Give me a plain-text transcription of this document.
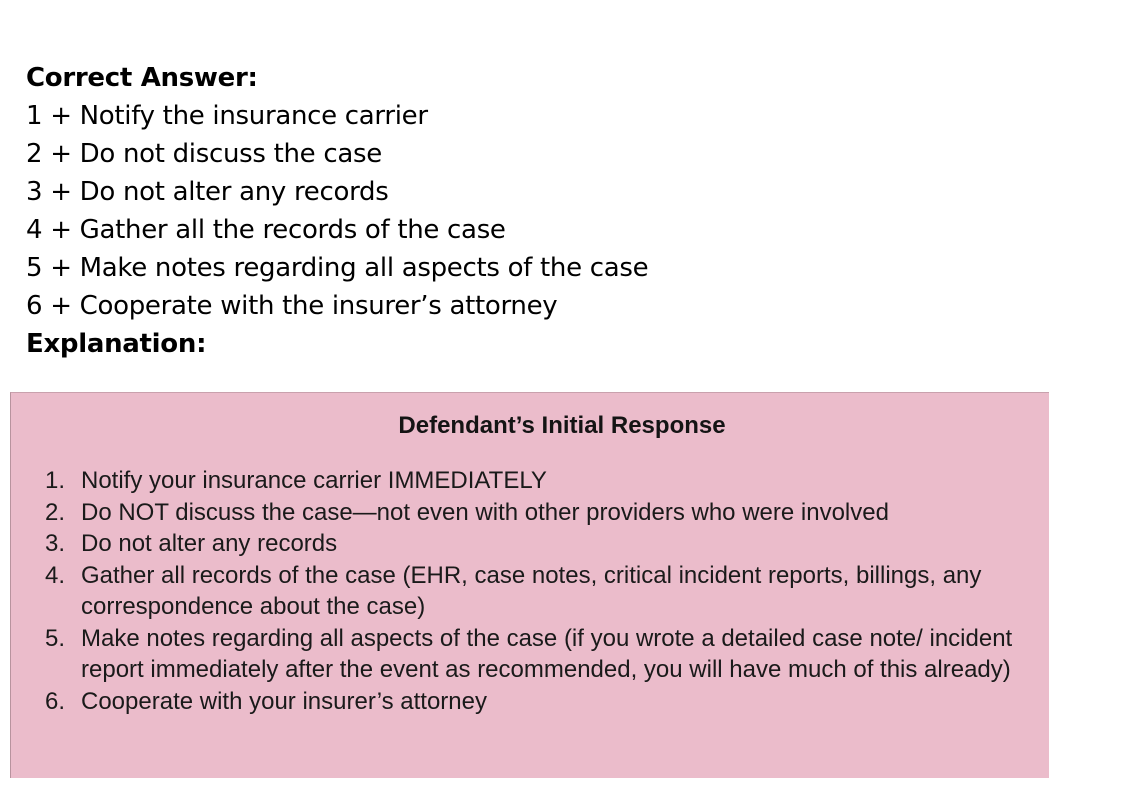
Correct Answer:
1 + Notify the insurance carrier
2 + Do not discuss the case
3 + Do not alter any records
4 + Gather all the records of the case
5 + Make notes regarding all aspects of the case
6 + Cooperate with the insurer’s attorney
Explanation:
Defendant’s Initial Response
1. Notify your insurance carrier IMMEDIATELY
2. Do NOT discuss the case—not even with other providers who were involved
3. Do not alter any records
4. Gather all records of the case (EHR, case notes, critical incident reports, billings, any correspondence about the case)
5. Make notes regarding all aspects of the case (if you wrote a detailed case note/ incident report immediately after the event as recommended, you will have much of this already)
6. Cooperate with your insurer’s attorney
